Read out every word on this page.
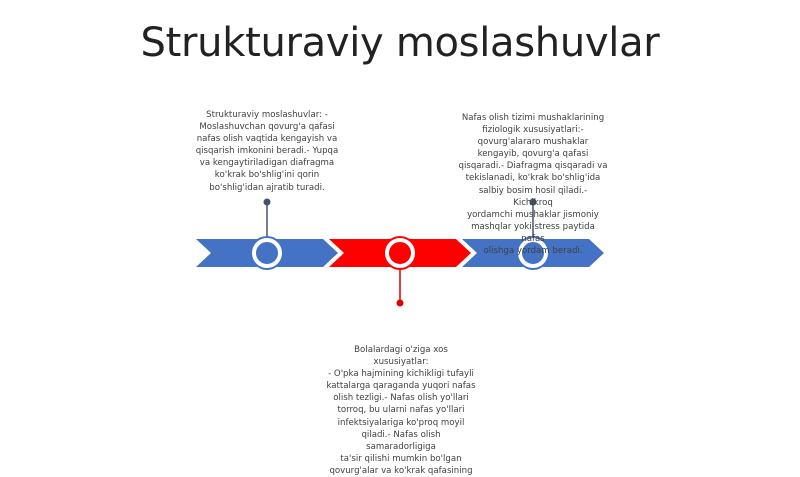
Strukturaviy moslashuvlar
Strukturaviy moslashuvlar: -
Moslashuvchan qovurg'a qafasi
nafas olish vaqtida kengayish va
qisqarish imkonini beradi.- Yupqa
va kengaytiriladigan diafragma
ko'krak bo'shlig'ini qorin
bo'shlig'idan ajratib turadi.
Nafas olish tizimi mushaklarining
fiziologik xususiyatlari:-
qovurg'alararo mushaklar
kengayib, qovurg'a qafasi
qisqaradi.- Diafragma qisqaradi va
tekislanadi, ko'krak bo'shlig'ida
salbiy bosim hosil qiladi.- Kichikroq
yordamchi mushaklar jismoniy
mashqlar yoki stress paytida nafas
olishga yordam beradi.
Bolalardagi o'ziga xos xususiyatlar:
- O'pka hajmining kichikligi tufayli
kattalarga qaraganda yuqori nafas
olish tezligi.- Nafas olish yo'llari
torroq, bu ularni nafas yo'llari
infektsiyalariga ko'proq moyil
qiladi.- Nafas olish samaradorligiga
ta'sir qilishi mumkin bo'lgan
qovurg'alar va ko'krak qafasining
